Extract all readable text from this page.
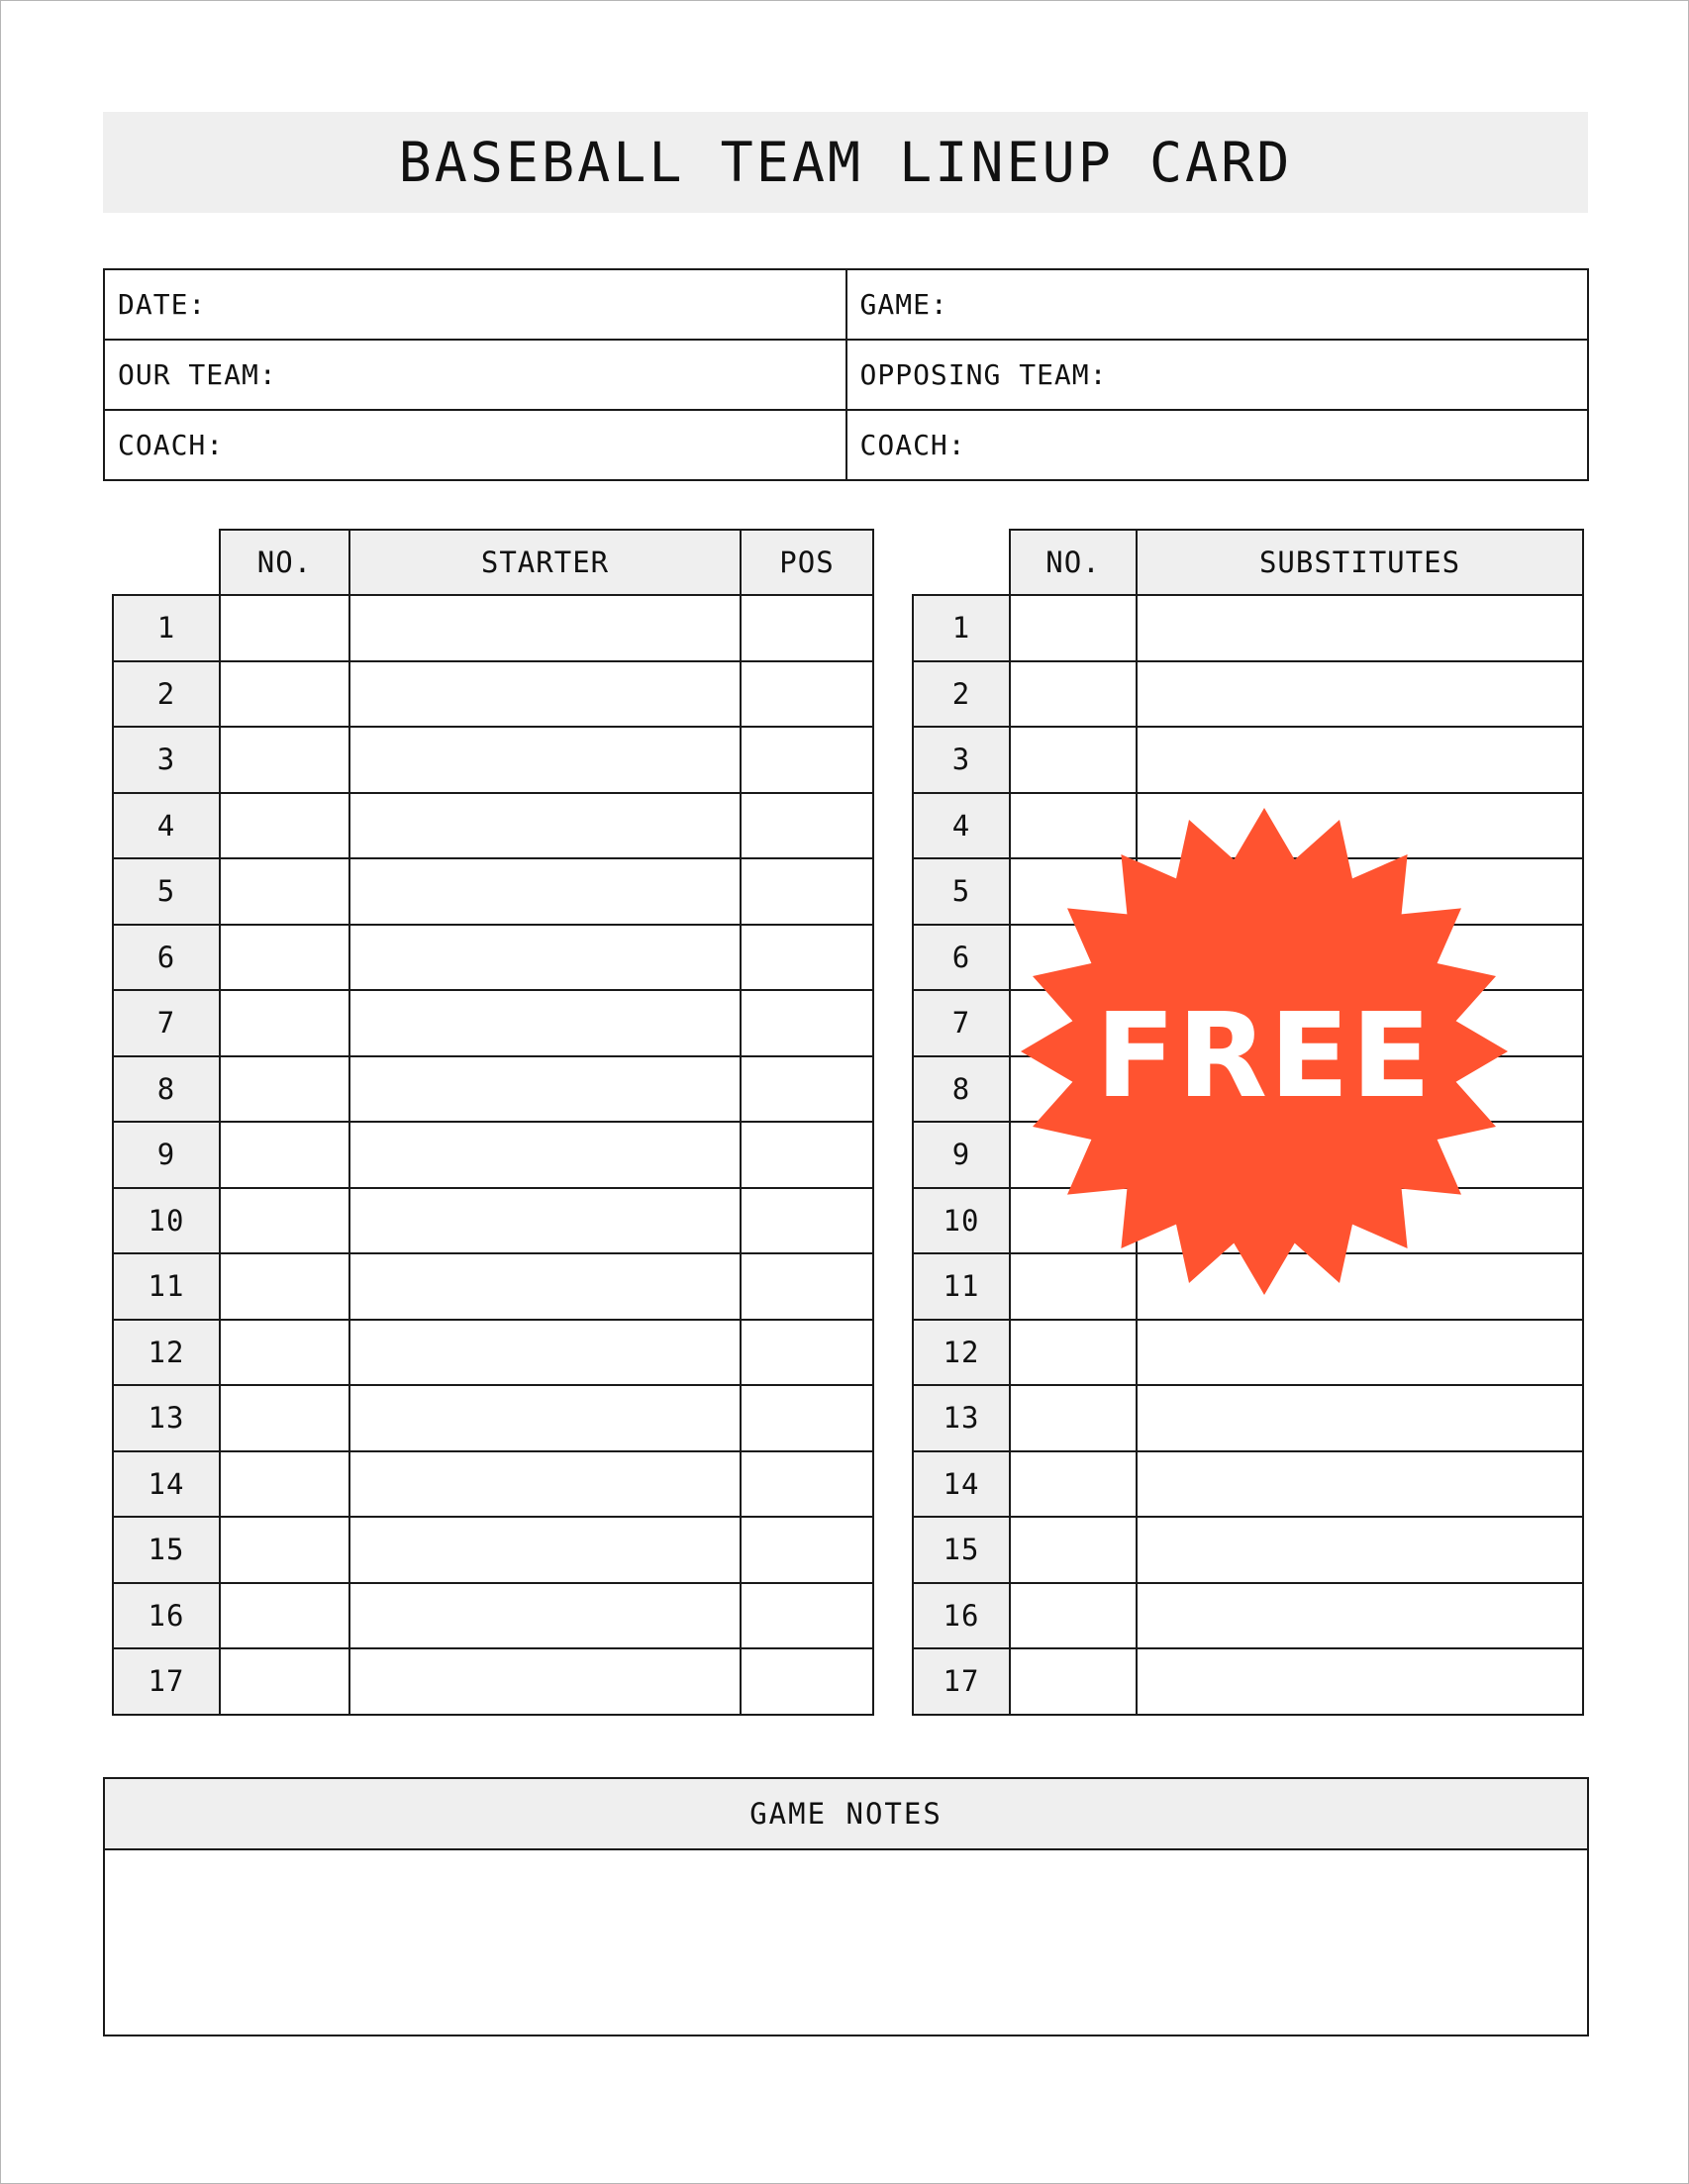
BASEBALL TEAM LINEUP CARD
DATE:	GAME:
OUR TEAM:	OPPOSING TEAM:
COACH:	COACH:
	NO.	STARTER	POS
1			
2			
3			
4			
5			
6			
7			
8			
9			
10			
11			
12			
13			
14			
15			
16			
17			
	NO.	SUBSTITUTES
1		
2		
3		
4		
5		
6		
7		
8		
9		
10		
11		
12		
13		
14		
15		
16		
17		
GAME NOTES

FREE
